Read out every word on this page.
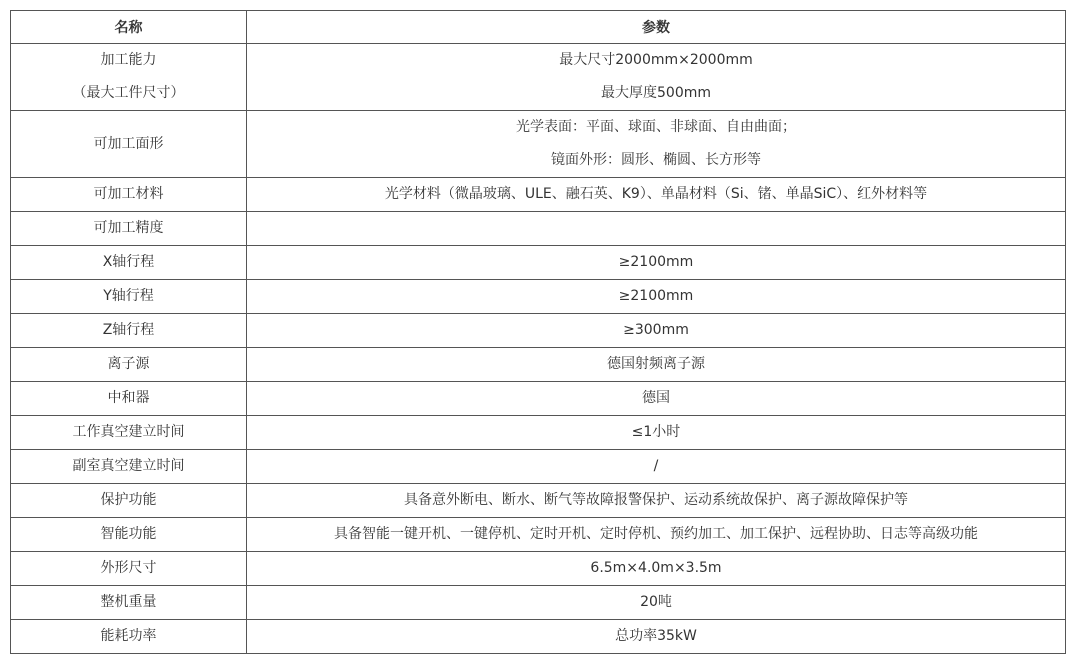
名称	参数

加工能力
（最大工件尺寸）	最大尺寸2000mm×2000mm
最大厚度500mm

可加工面形	光学表面：平面、球面、非球面、自由曲面；
镜面外形：圆形、椭圆、长方形等

可加工材料	光学材料（微晶玻璃、ULE、融石英、K9）、单晶材料（Si、锗、单晶SiC）、红外材料等

可加工精度	

X轴行程	≥2100mm

Y轴行程	≥2100mm

Z轴行程	≥300mm

离子源	德国射频离子源

中和器	德国

工作真空建立时间	≤1小时

副室真空建立时间	/

保护功能	具备意外断电、断水、断气等故障报警保护、运动系统故保护、离子源故障保护等

智能功能	具备智能一键开机、一键停机、定时开机、定时停机、预约加工、加工保护、远程协助、日志等高级功能

外形尺寸	6.5m×4.0m×3.5m

整机重量	20吨

能耗功率	总功率35kW
